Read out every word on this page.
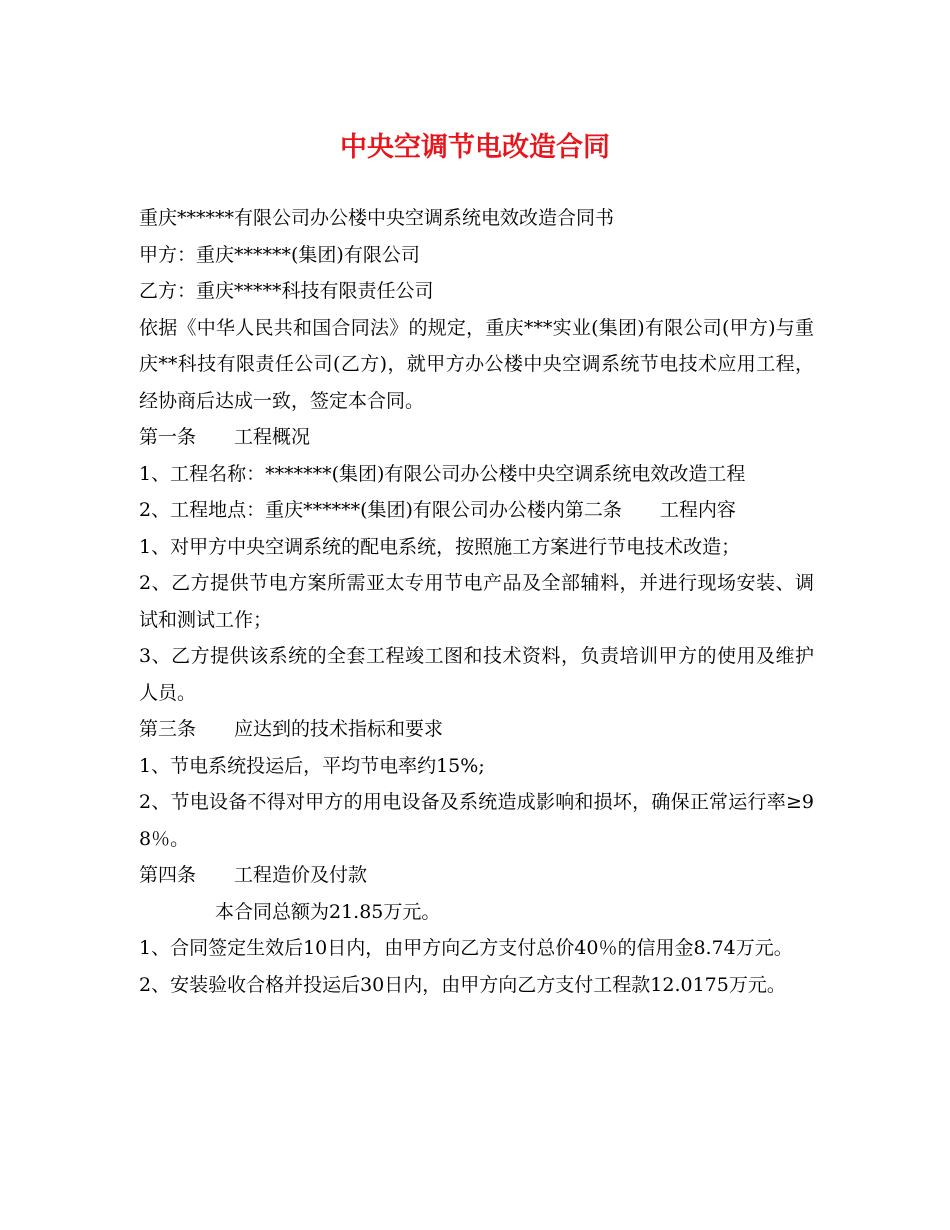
中央空调节电改造合同

重庆******有限公司办公楼中央空调系统电效改造合同书

甲方：重庆******(集团)有限公司

乙方：重庆*****科技有限责任公司

依据《中华人民共和国合同法》的规定，重庆***实业(集团)有限公司(甲方)与重庆**科技有限责任公司(乙方)，就甲方办公楼中央空调系统节电技术应用工程，经协商后达成一致，签定本合同。

第一条　　工程概况

1、工程名称：*******(集团)有限公司办公楼中央空调系统电效改造工程

2、工程地点：重庆******(集团)有限公司办公楼内第二条　　工程内容

1、对甲方中央空调系统的配电系统，按照施工方案进行节电技术改造；

2、乙方提供节电方案所需亚太专用节电产品及全部辅料，并进行现场安装、调试和测试工作；

3、乙方提供该系统的全套工程竣工图和技术资料，负责培训甲方的使用及维护人员。

第三条　　应达到的技术指标和要求

1、节电系统投运后，平均节电率约15%;

2、节电设备不得对甲方的用电设备及系统造成影响和损坏，确保正常运行率≥98％。

第四条　　工程造价及付款

本合同总额为21.85万元。

1、合同签定生效后10日内，由甲方向乙方支付总价40％的信用金8.74万元。

2、安装验收合格并投运后30日内，由甲方向乙方支付工程款12.0175万元。
